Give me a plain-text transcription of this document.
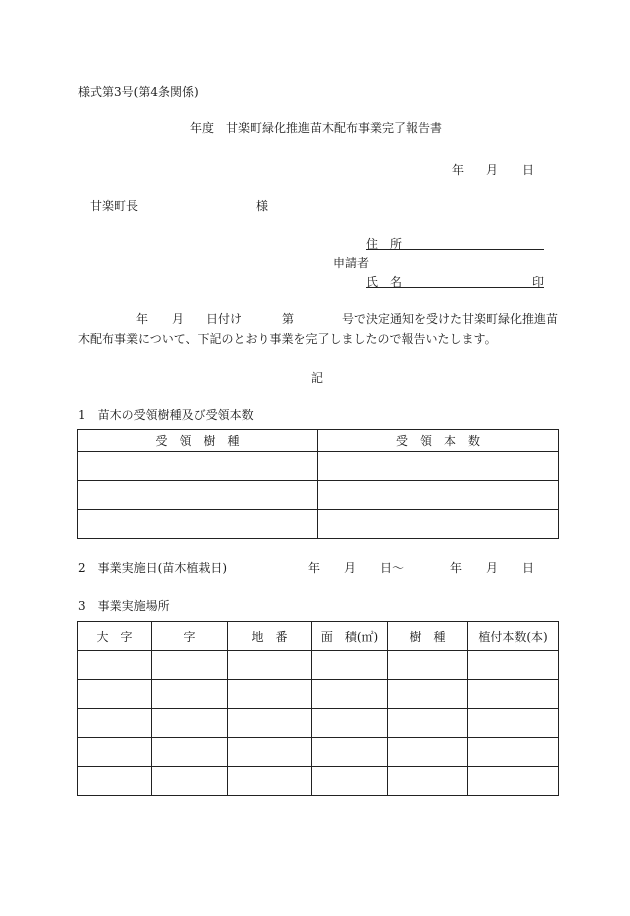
様式第3号(第4条関係)
年度　甘楽町緑化推進苗木配布事業完了報告書
年 月 日
甘楽町長	様
住　所
申請者
氏　名	印
年 月 日付け	第	号で決定通知を受けた甘楽町緑化推進苗
木配布事業について、下記のとおり事業を完了しましたので報告いたします。
記
1　苗木の受領樹種及び受領本数
受　領　樹　種	受　領　本　数

2　事業実施日(苗木植栽日)	年 月 日〜	年 月 日
3　事業実施場所
大　字	字	地　番	面　積(㎡)	樹　種	植付本数(本)
